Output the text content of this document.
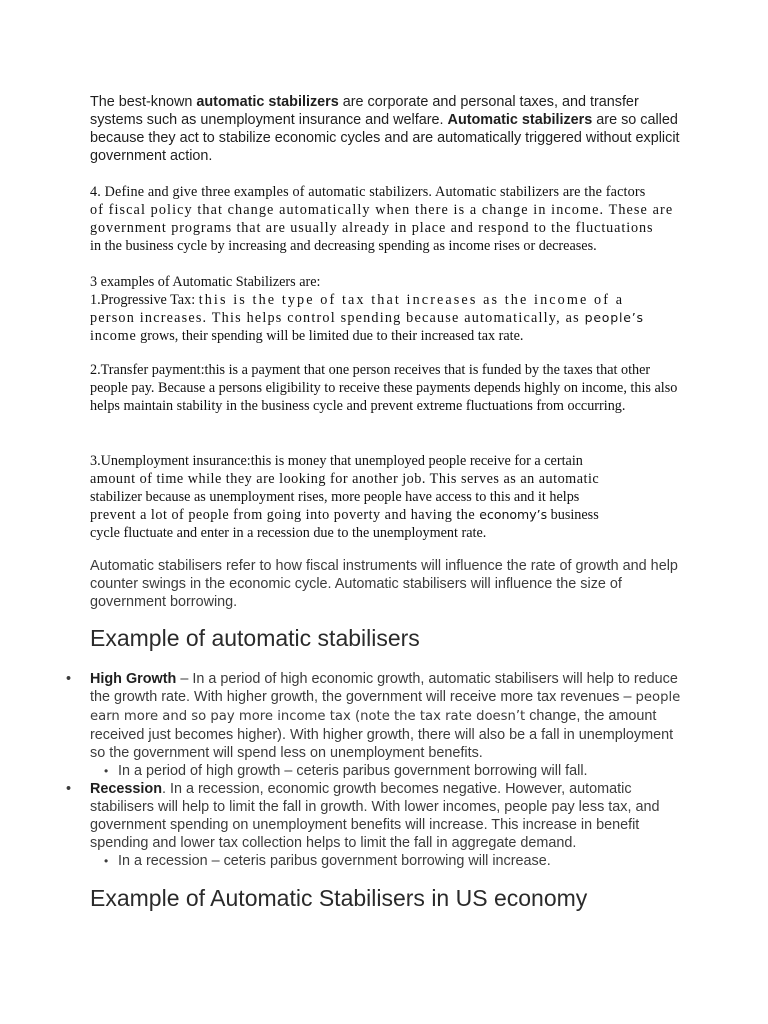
The best-known automatic stabilizers are corporate and personal taxes, and transfer systems such as unemployment insurance and welfare. Automatic stabilizers are so called because they act to stabilize economic cycles and are automatically triggered without explicit government action.

4. Define and give three examples of automatic stabilizers. Automatic stabilizers are the factors
of fiscal policy that change automatically when there is a change in income. These are
government programs that are usually already in place and respond to the fluctuations
in the business cycle by increasing and decreasing spending as income rises or decreases.
3 examples of Automatic Stabilizers are:
1.Progressive Tax: this is the type of tax that increases as the income of a
person increases. This helps control spending because automatically, as people’s
income grows, their spending will be limited due to their increased tax rate.

2.Transfer payment:this is a payment that one person receives that is funded by the taxes that other people pay. Because a persons eligibility to receive these payments depends highly on income, this also helps maintain stability in the business cycle and prevent extreme fluctuations from occurring.

3.Unemployment insurance:this is money that unemployed people receive for a certain
amount of time while they are looking for another job. This serves as an automatic
stabilizer because as unemployment rises, more people have access to this and it helps
prevent a lot of people from going into poverty and having the economy’s business
cycle fluctuate and enter in a recession due to the unemployment rate.

Automatic stabilisers refer to how fiscal instruments will influence the rate of growth and help counter swings in the economic cycle. Automatic stabilisers will influence the size of government borrowing.

Example of automatic stabilisers
• High Growth – In a period of high economic growth, automatic stabilisers will help to reduce the growth rate. With higher growth, the government will receive more tax revenues – people earn more and so pay more income tax (note the tax rate doesn’t change, the amount received just becomes higher). With higher growth, there will also be a fall in unemployment so the government will spend less on unemployment benefits.
• In a period of high growth – ceteris paribus government borrowing will fall.
• Recession. In a recession, economic growth becomes negative. However, automatic stabilisers will help to limit the fall in growth. With lower incomes, people pay less tax, and government spending on unemployment benefits will increase. This increase in benefit spending and lower tax collection helps to limit the fall in aggregate demand.
• In a recession – ceteris paribus government borrowing will increase.
Example of Automatic Stabilisers in US economy
